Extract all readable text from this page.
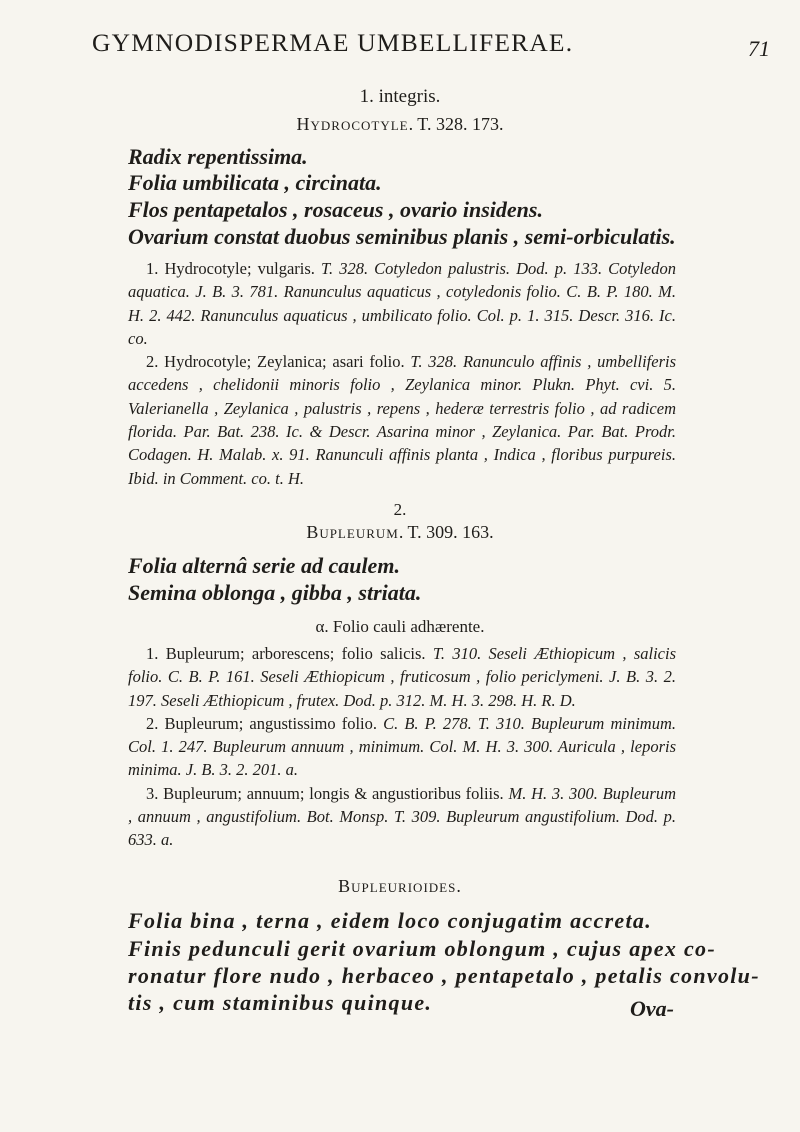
GYMNODISPERMAE UMBELLIFERAE.	71
1. integris.
Hydrocotyle. T. 328. 173.
Radix repentissima.
Folia umbilicata , circinata.
Flos pentapetalos , rosaceus , ovario insidens.
Ovarium constat duobus seminibus planis , semi-orbiculatis.

1. Hydrocotyle; vulgaris. T. 328. Cotyledon palustris. Dod. p. 133. Cotyledon aquatica. J. B. 3. 781. Ranunculus aquaticus , cotyledonis folio. C. B. P. 180. M. H. 2. 442. Ranunculus aquaticus , umbilicato folio. Col. p. 1. 315. Descr. 316. Ic. co.

2. Hydrocotyle; Zeylanica; asari folio. T. 328. Ranunculo affinis , umbelliferis accedens , chelidonii minoris folio , Zeylanica minor. Plukn. Phyt. cvi. 5. Valerianella , Zeylanica , palustris , repens , hederæ terrestris folio , ad radicem florida. Par. Bat. 238. Ic. & Descr. Asarina minor , Zeylanica. Par. Bat. Prodr. Codagen. H. Malab. x. 91. Ranunculi affinis planta , Indica , floribus purpureis. Ibid. in Comment. co. t. H.

2.
Bupleurum. T. 309. 163.
Folia alternâ serie ad caulem.
Semina oblonga , gibba , striata.
α. Folio cauli adhærente.

1. Bupleurum; arborescens; folio salicis. T. 310. Seseli Æthiopicum , salicis folio. C. B. P. 161. Seseli Æthiopicum , fruticosum , folio periclymeni. J. B. 3. 2. 197. Seseli Æthiopicum , frutex. Dod. p. 312. M. H. 3. 298. H. R. D.

2. Bupleurum; angustissimo folio. C. B. P. 278. T. 310. Bupleurum minimum. Col. 1. 247. Bupleurum annuum , minimum. Col. M. H. 3. 300. Auricula , leporis minima. J. B. 3. 2. 201. a.

3. Bupleurum; annuum; longis & angustioribus foliis. M. H. 3. 300. Bupleurum , annuum , angustifolium. Bot. Monsp. T. 309. Bupleurum angustifolium. Dod. p. 633. a.

Bupleurioides.
Folia bina , terna , eidem loco conjugatim accreta.
Finis pedunculi gerit ovarium oblongum , cujus apex co-
ronatur flore nudo , herbaceo , pentapetalo , petalis convolu-
tis , cum staminibus quinque.	Ova-
